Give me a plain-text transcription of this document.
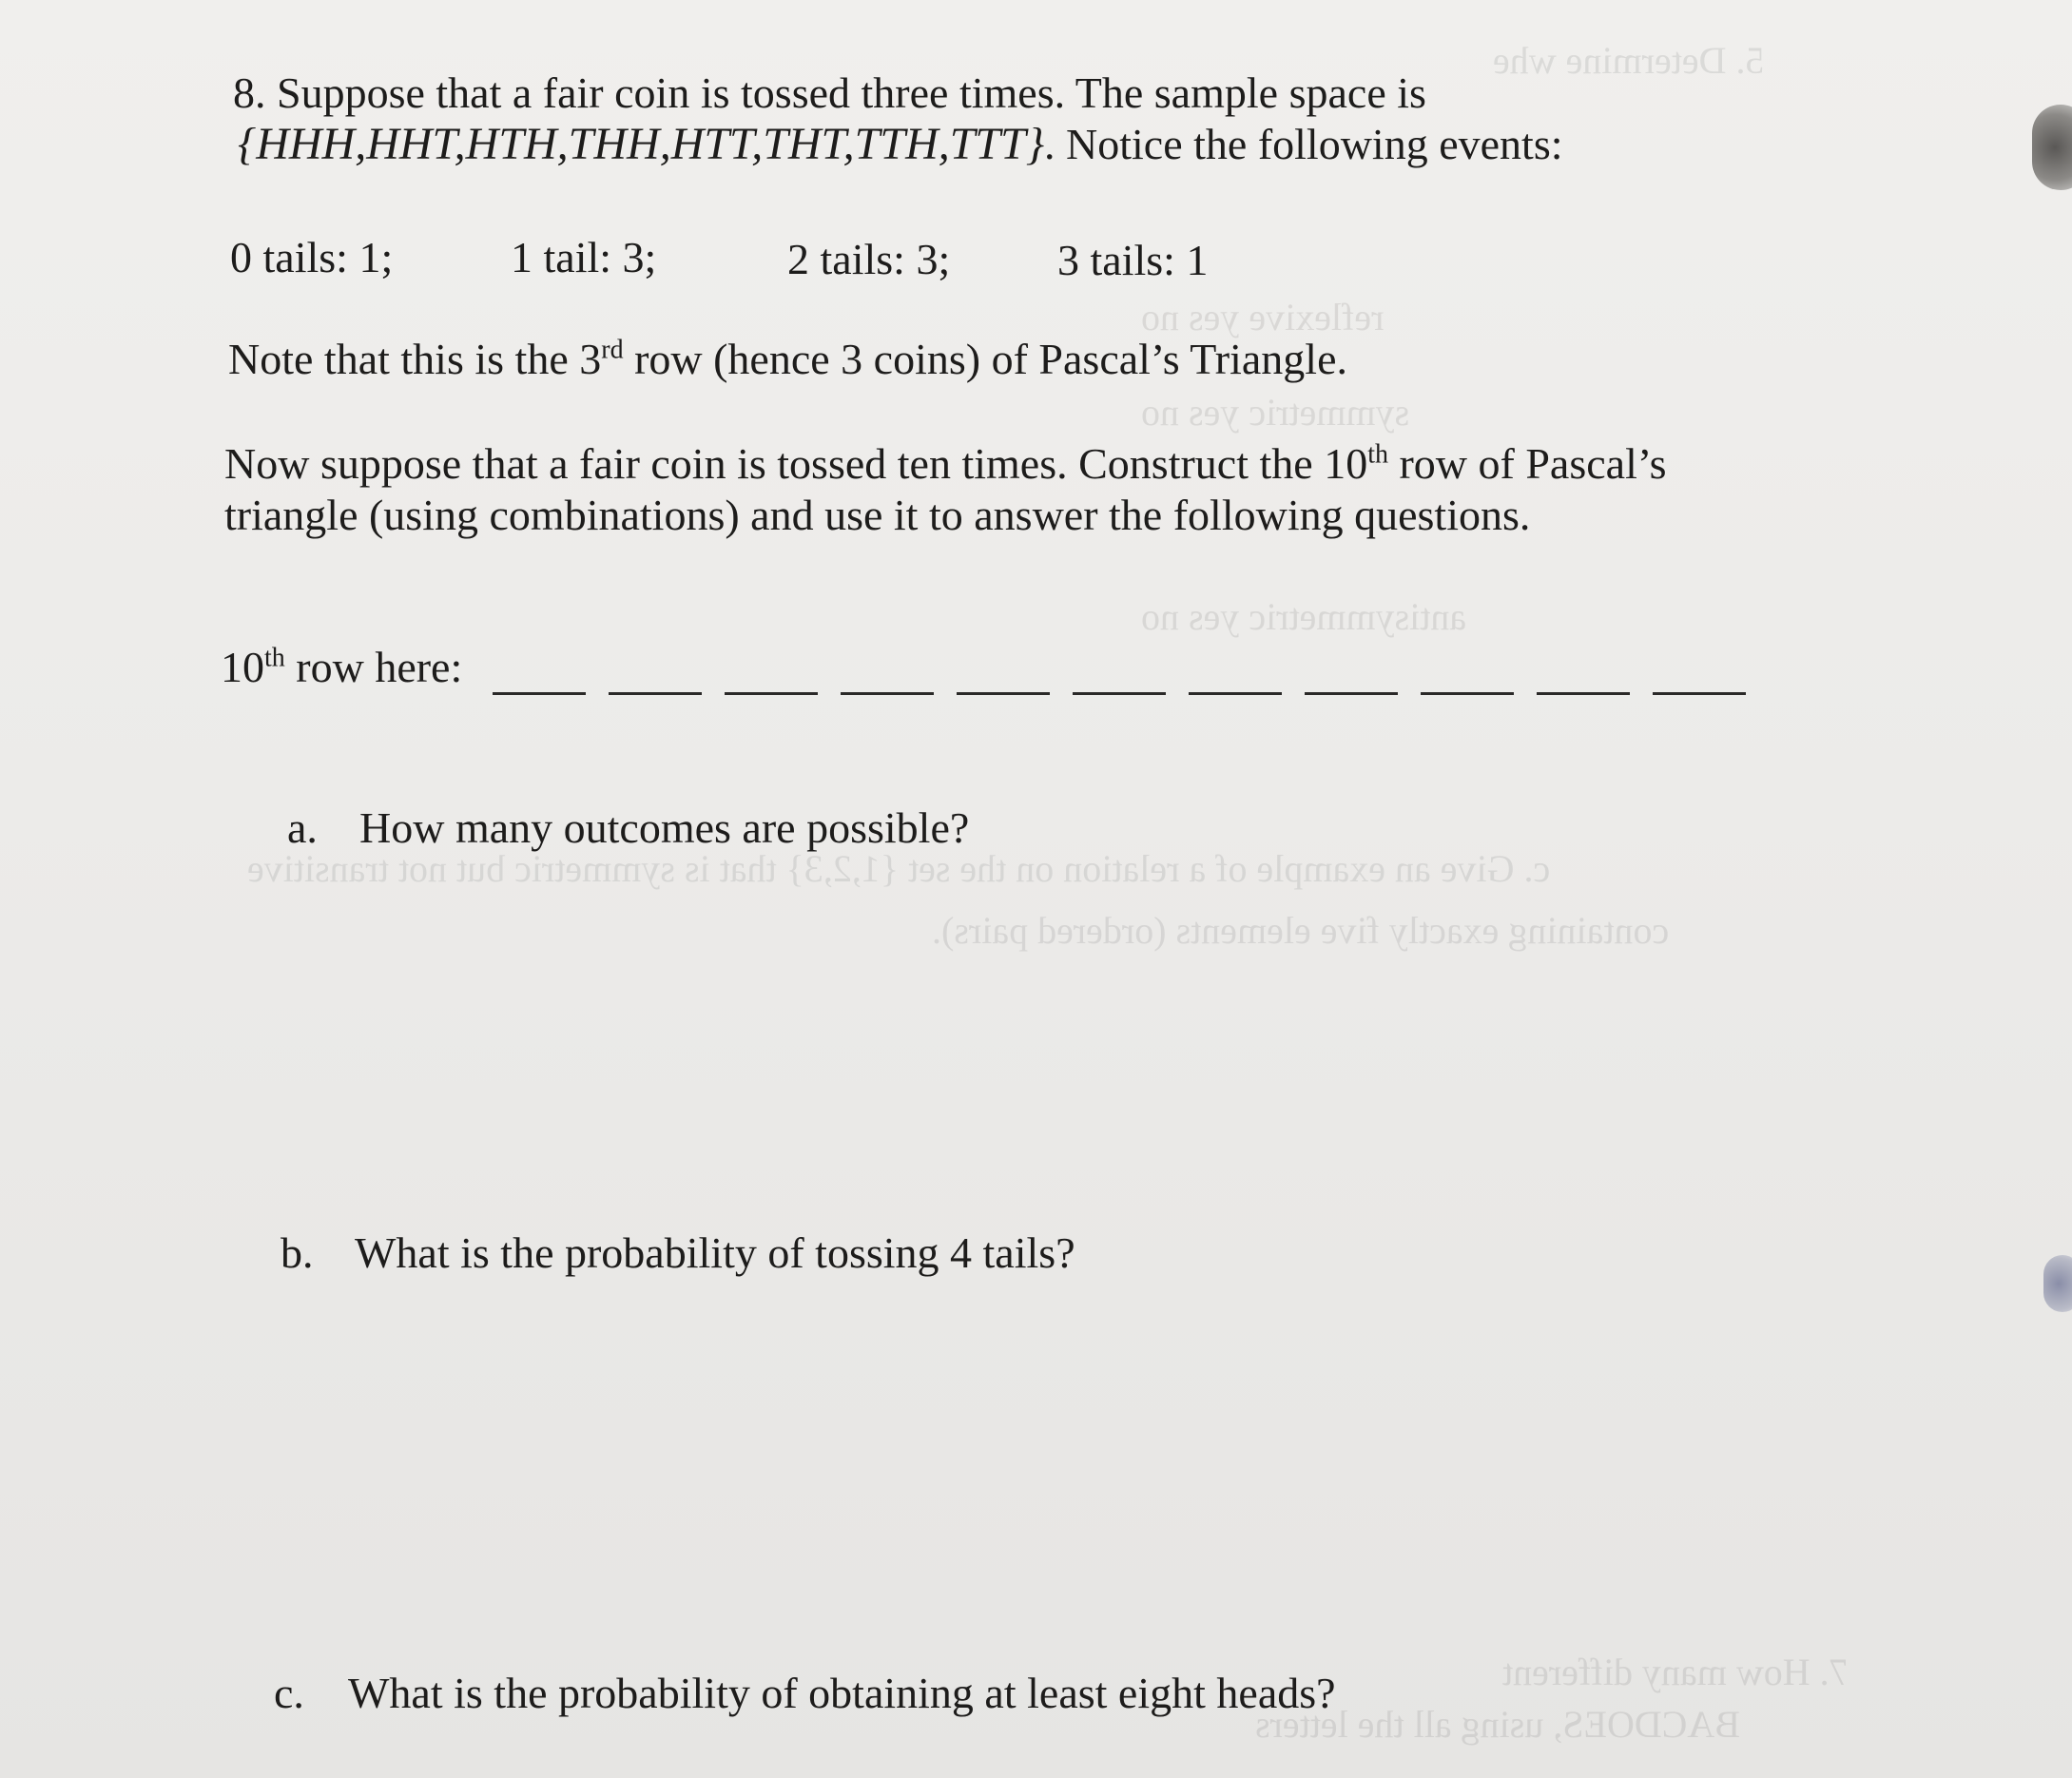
5. Determine whe
reflexive yes no
symmetric yes no
antisymmetric yes no
c. Give an example of a relation on the set {1,2,3} that is symmetric but not transitive
containing exactly five elements (ordered pairs).
7. How many different
BACDOES, using all the letters
8. Suppose that a fair coin is tossed three times. The sample space is
{HHH,HHT,HTH,THH,HTT,THT,TTH,TTT}. Notice the following events:
0 tails: 1;	1 tail: 3;	2 tails: 3; 3 tails: 1
Note that this is the 3rd row (hence 3 coins) of Pascal’s Triangle.
Now suppose that a fair coin is tossed ten times. Construct the 10th row of Pascal’s
triangle (using combinations) and use it to answer the following questions.
10th row here:
a. How many outcomes are possible?
b. What is the probability of tossing 4 tails?
c. What is the probability of obtaining at least eight heads?
